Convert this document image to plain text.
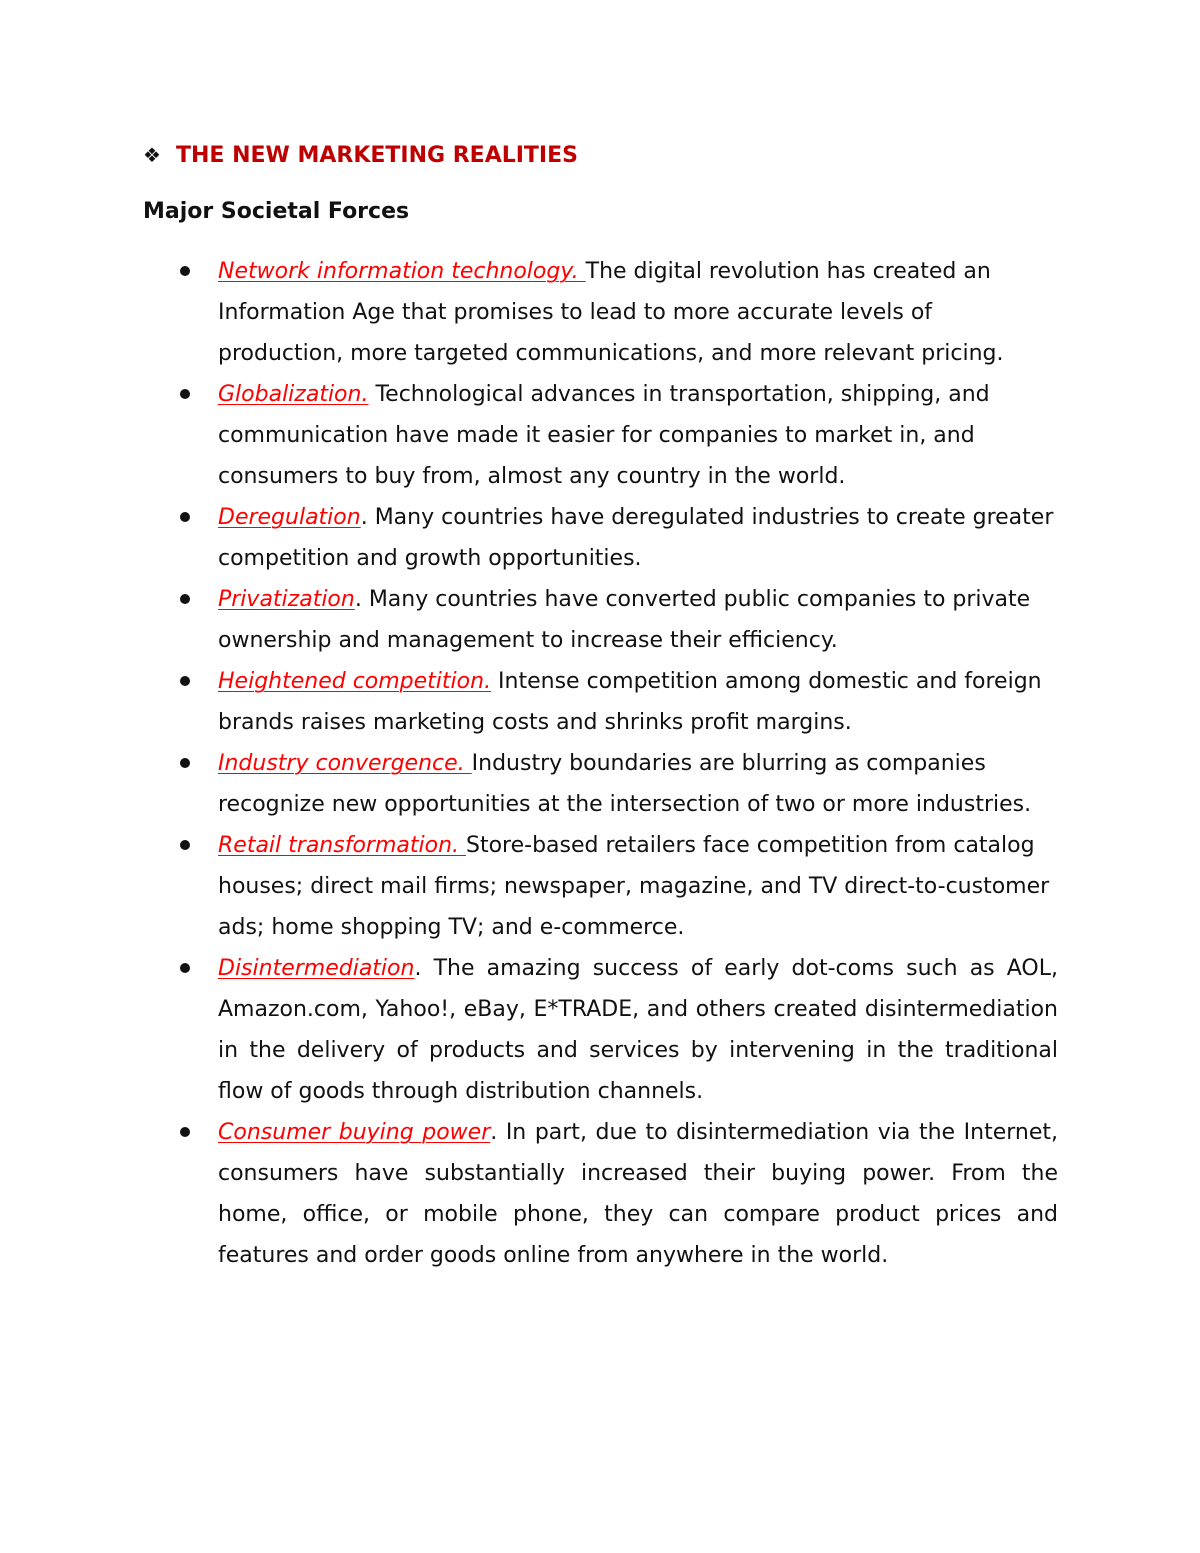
❖ THE NEW MARKETING REALITIES
Major Societal Forces
Network information technology. The digital revolution has created an Information Age that promises to lead to more accurate levels of production, more targeted communications, and more relevant pricing.
Globalization. Technological advances in transportation, shipping, and communication have made it easier for companies to market in, and consumers to buy from, almost any country in the world.
Deregulation. Many countries have deregulated industries to create greater competition and growth opportunities.
Privatization. Many countries have converted public companies to private ownership and management to increase their efficiency.
Heightened competition. Intense competition among domestic and foreign brands raises marketing costs and shrinks profit margins.
Industry convergence. Industry boundaries are blurring as companies recognize new opportunities at the intersection of two or more industries.
Retail transformation. Store-based retailers face competition from catalog houses; direct mail firms; newspaper, magazine, and TV direct-to-customer ads; home shopping TV; and e-commerce.
Disintermediation. The amazing success of early dot-coms such as AOL, Amazon.com, Yahoo!, eBay, E*TRADE, and others created disintermediation in the delivery of products and services by intervening in the traditional flow of goods through distribution channels.
Consumer buying power. In part, due to disintermediation via the Internet, consumers have substantially increased their buying power. From the home, office, or mobile phone, they can compare product prices and features and order goods online from anywhere in the world.
